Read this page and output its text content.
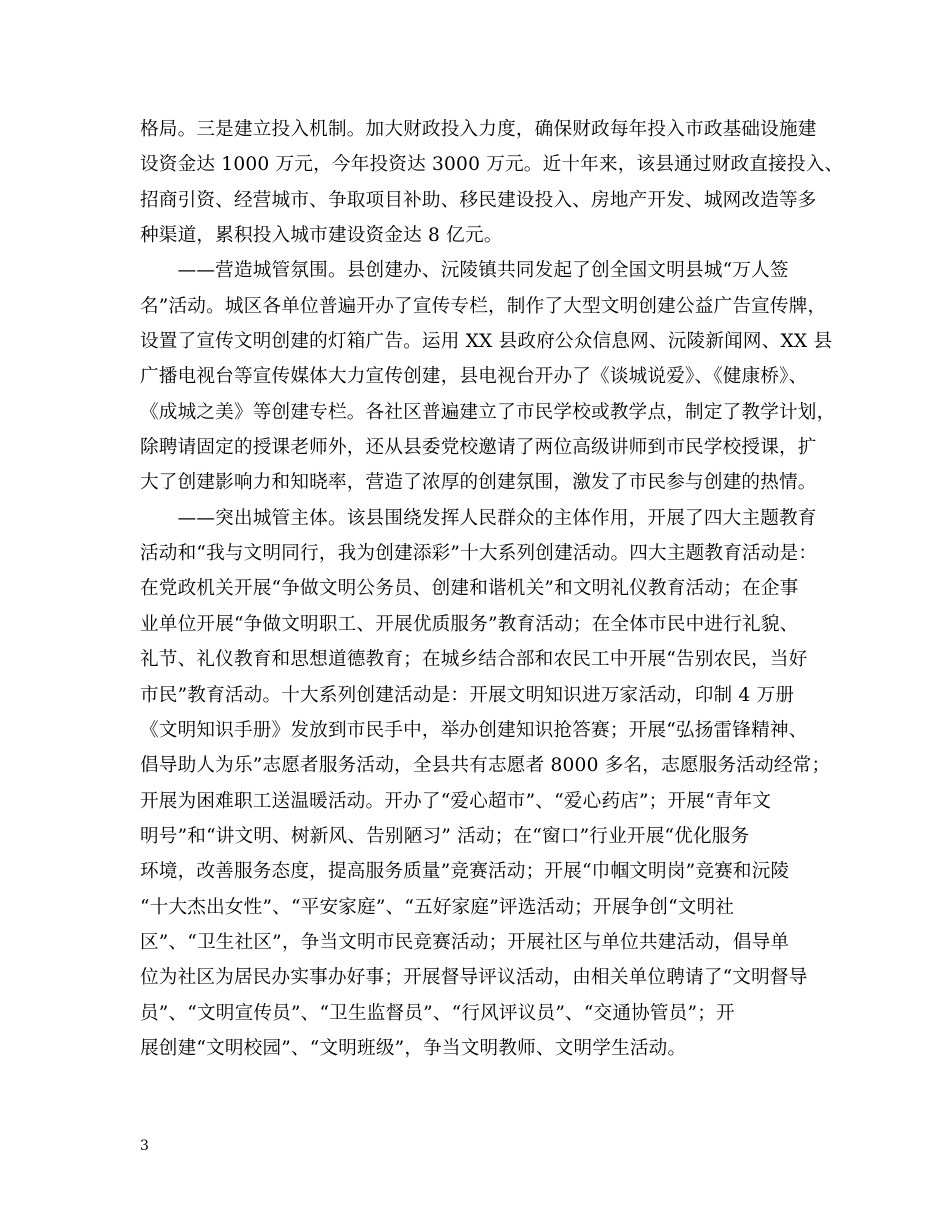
格局。三是建立投入机制。加大财政投入力度，确保财政每年投入市政基础设施建
设资金达 1000 万元，今年投资达 3000 万元。近十年来，该县通过财政直接投入、
招商引资、经营城市、争取项目补助、移民建设投入、房地产开发、城网改造等多
种渠道，累积投入城市建设资金达 8 亿元。
　　——营造城管氛围。县创建办、沅陵镇共同发起了创全国文明县城“万人签
名”活动。城区各单位普遍开办了宣传专栏，制作了大型文明创建公益广告宣传牌，
设置了宣传文明创建的灯箱广告。运用 XX 县政府公众信息网、沅陵新闻网、XX 县
广播电视台等宣传媒体大力宣传创建，县电视台开办了《谈城说爱》、《健康桥》、
《成城之美》等创建专栏。各社区普遍建立了市民学校或教学点，制定了教学计划，
除聘请固定的授课老师外，还从县委党校邀请了两位高级讲师到市民学校授课，扩
大了创建影响力和知晓率，营造了浓厚的创建氛围，激发了市民参与创建的热情。
　　——突出城管主体。该县围绕发挥人民群众的主体作用，开展了四大主题教育
活动和“我与文明同行，我为创建添彩”十大系列创建活动。四大主题教育活动是：
在党政机关开展“争做文明公务员、创建和谐机关”和文明礼仪教育活动；在企事
业单位开展“争做文明职工、开展优质服务”教育活动；在全体市民中进行礼貌、
礼节、礼仪教育和思想道德教育；在城乡结合部和农民工中开展“告别农民，当好
市民”教育活动。十大系列创建活动是：开展文明知识进万家活动，印制 4 万册
《文明知识手册》发放到市民手中，举办创建知识抢答赛；开展“弘扬雷锋精神、
倡导助人为乐”志愿者服务活动，全县共有志愿者 8000 多名，志愿服务活动经常；
开展为困难职工送温暖活动。开办了“爱心超市”、“爱心药店”；开展“青年文
明号”和“讲文明、树新风、告别陋习” 活动；在“窗口”行业开展“优化服务
环境，改善服务态度，提高服务质量”竞赛活动；开展“巾帼文明岗”竞赛和沅陵
“十大杰出女性”、“平安家庭”、“五好家庭”评选活动；开展争创“文明社
区”、“卫生社区”，争当文明市民竞赛活动；开展社区与单位共建活动，倡导单
位为社区为居民办实事办好事；开展督导评议活动，由相关单位聘请了“文明督导
员”、“文明宣传员”、“卫生监督员”、“行风评议员”、“交通协管员”；开
展创建“文明校园”、“文明班级”，争当文明教师、文明学生活动。
3
